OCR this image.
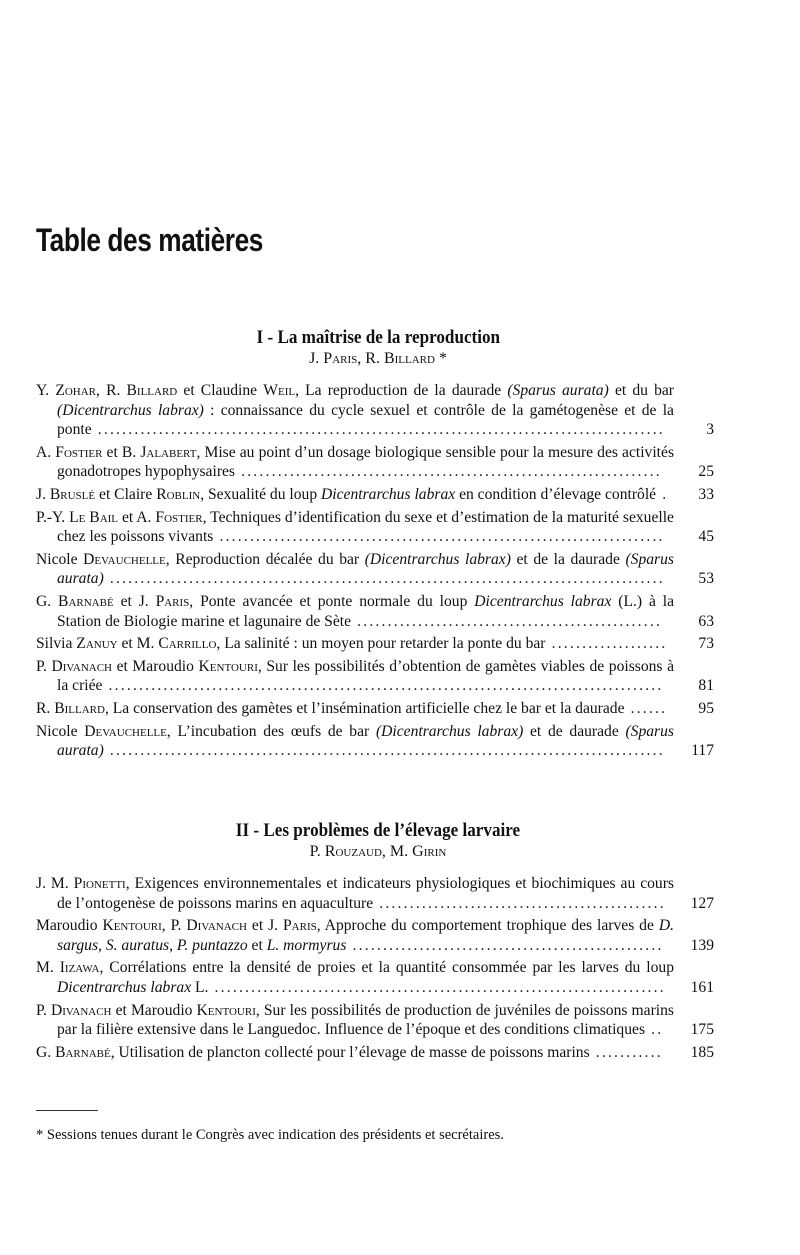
Table des matières
I - La maîtrise de la reproduction
J. Paris, R. Billard *
Y. Zohar, R. Billard et Claudine Weil, La reproduction de la daurade (Sparus aurata) et du bar (Dicentrarchus labrax) : connaissance du cycle sexuel et contrôle de la gamétogenèse et de la ponte .............................................................................................	3
A. Fostier et B. Jalabert, Mise au point d’un dosage biologique sensible pour la mesure des activités gonadotropes hypophysaires ..................................................................... 25
J. Bruslé et Claire Roblin, Sexualité du loup Dicentrarchus labrax en condition d’élevage contrôlé . 33
P.-Y. Le Bail et A. Fostier, Techniques d’identification du sexe et d’estimation de la maturité sexuelle chez les poissons vivants ......................................................................... 45
Nicole Devauchelle, Reproduction décalée du bar (Dicentrarchus labrax) et de la daurade (Sparus aurata) ........................................................................................... 53
G. Barnabé et J. Paris, Ponte avancée et ponte normale du loup Dicentrarchus labrax (L.) à la Station de Biologie marine et lagunaire de Sète .................................................. 63
Silvia Zanuy et M. Carrillo, La salinité : un moyen pour retarder la ponte du bar ................... 73
P. Divanach et Maroudio Kentouri, Sur les possibilités d’obtention de gamètes viables de poissons à la criée ........................................................................................... 81
R. Billard, La conservation des gamètes et l’insémination artificielle chez le bar et la daurade ...... 95
Nicole Devauchelle, L’incubation des œufs de bar (Dicentrarchus labrax) et de daurade (Sparus aurata) ........................................................................................... 117
II - Les problèmes de l’élevage larvaire
P. Rouzaud, M. Girin
J. M. Pionetti, Exigences environnementales et indicateurs physiologiques et biochimiques au cours de l’ontogenèse de poissons marins en aquaculture ............................................... 127
Maroudio Kentouri, P. Divanach et J. Paris, Approche du comportement trophique des larves de D. sargus, S. auratus, P. puntazzo et L. mormyrus ................................................... 139
M. Iizawa, Corrélations entre la densité de proies et la quantité consommée par les larves du loup Dicentrarchus labrax L. .......................................................................... 161
P. Divanach et Maroudio Kentouri, Sur les possibilités de production de juvéniles de poissons marins par la filière extensive dans le Languedoc. Influence de l’époque et des conditions climatiques .. 175
G. Barnabé, Utilisation de plancton collecté pour l’élevage de masse de poissons marins ........... 185
* Sessions tenues durant le Congrès avec indication des présidents et secrétaires.
